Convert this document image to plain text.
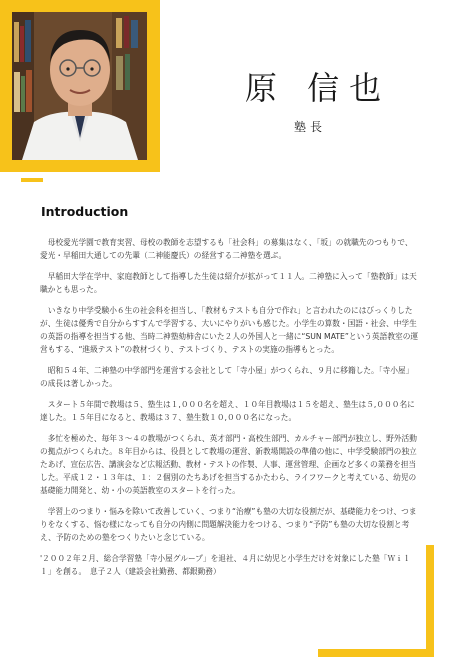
原 信也
塾長
Introduction

　母校愛光学園で教育実習、母校の教師を志望するも「社会科」の募集はなく、「坂」の就職先のつもりで、愛光・早稲田大通しての先輩（二神能慶氏）の経営する二神塾を選ぶ。

　早稲田大学在学中、家庭教師として指導した生徒は紹介が拡がって１１人。二神塾に入って「塾教師」は天職かとも思った。

　いきなり中学受験小６生の社会科を担当し、「教材もテストも自分で作れ」と言われたのにはびっくりしたが、生徒は優秀で自分からすすんで学習する、大いにやりがいも感じた。小学生の算数・国語・社会、中学生の英語の指導を担当する他、当時二神塾劾柿舎にいた２人の外国人と一緒に“SUN MATE”という英語教室の運営もする、“進級テスト”の教材づくり、テストづくり、テストの実施の指導もとった。

　昭和５４年、二神塾の中学部門を運営する会社として「寺小屋」がつくられ、９月に移籍した。「寺小屋」の成長は著しかった。

　スタート５年間で教場は５、塾生は１,０００名を超え、１０年目教場は１５を超え、塾生は５,０００名に達した。１５年目になると、教場は３７、塾生数１０,０００名になった。

　多忙を極めた、毎年３～４の教場がつくられ、英才部門・高校生部門、カルチャー部門が独立し、野外活動の拠点がつくられた。８年目からは、役員として教場の運営、新教場開設の準備の他に、中学受験部門の独立たあげ、宣伝広告、講演会など広報活動、教材・テストの作製、人事、運営管理、企画など多くの業務を担当した。平成１２・１３年は、１：２個別のたちあげを担当するかたわら、ライフワークと考えている、幼児の基礎能力開発と、幼・小の英語教室のスタートを行った。

　学習上のつまり・悩みを除いて改善していく、つまり“治療”も塾の大切な役割だが、基礎能力をつけ、つまりをなくする、悩む様になっても自分の内側に問題解決能力をつける、つまり“予防”も塾の大切な役割と考え、予防のための塾をつくりたいと念じている。

'２００２年２月、総合学習塾「寺小屋グループ」を退社、４月に幼児と小学生だけを対象にした塾「Ｗｉｌｌ」を創る。　息子２人（建設会社勤務、都銀勤務）
